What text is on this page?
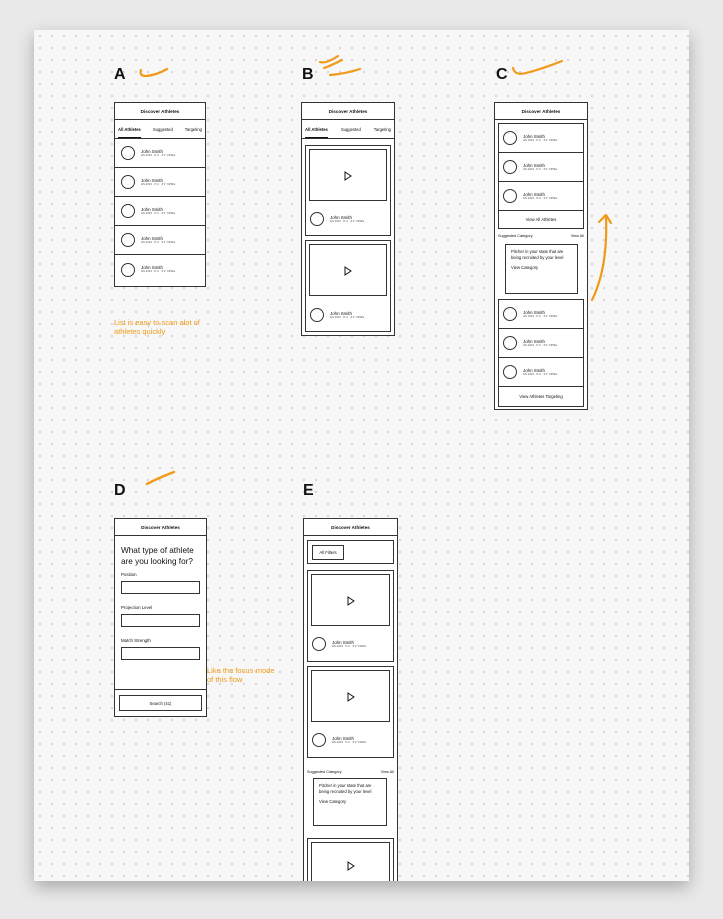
A	B	C
D	E
Discover Athletes
All Athletes	Suggested	Targeting
John Smith
HS 2023 · P-C · 6'1" 195lbs
John Smith
HS 2023 · P-C · 6'1" 195lbs
John Smith
HS 2023 · P-C · 6'1" 195lbs
John Smith
HS 2023 · P-C · 6'1" 195lbs
John Smith
HS 2023 · P-C · 6'1" 195lbs
List is easy to scan alot of athletes quickly
Discover Athletes
All Athletes	Suggested	Targeting
John Smith
HS 2023 · P-C · 6'1" 195lbs
John Smith
HS 2023 · P-C · 6'1" 195lbs
Discover Athletes
John Smith
HS 2023 · P-C · 6'1" 195lbs
John Smith
HS 2023 · P-C · 6'1" 195lbs
John Smith
HS 2023 · P-C · 6'1" 195lbs
View All Athletes
Suggested Category	View All
Pitcher in your state that are being recruited by your level
View Category
John Smith
HS 2023 · P-C · 6'1" 195lbs
John Smith
HS 2023 · P-C · 6'1" 195lbs
John Smith
HS 2023 · P-C · 6'1" 195lbs
View Athletes Targeting
Discover Athletes
What type of athlete are you looking for?
Position
Projection Level
Match Strength
Search (41)
Like the focus-mode of this flow
Discover Athletes
All Filters
John Smith
HS 2023 · P-C · 6'1" 195lbs
John Smith
HS 2023 · P-C · 6'1" 195lbs
Suggested Category	View All
Pitcher in your state that are being recruited by your level
View Category
